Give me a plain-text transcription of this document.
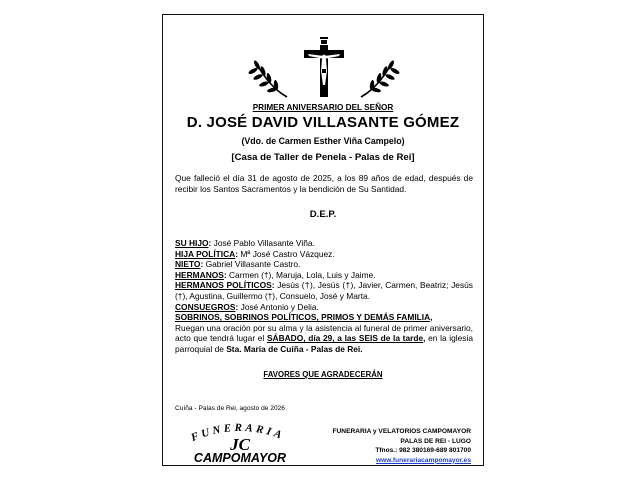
PRIMER ANIVERSARIO DEL SEÑOR
D. JOSÉ DAVID VILLASANTE GÓMEZ
(Vdo. de Carmen Esther Viña Campelo)
[Casa de Taller de Penela - Palas de Rei]
Que falleció el día 31 de agosto de 2025, a los 89 años de edad, después de recibir los Santos Sacramentos y la bendición de Su Santidad.
D.E.P.

SU HIJO: José Pablo Villasante Viña.

HIJA POLÍTICA: Mª José Castro Vázquez.

NIETO: Gabriel Villasante Castro.

HERMANOS: Carmen (†), Maruja, Lola, Luis y Jaime.

HERMANOS POLÍTICOS: Jesús (†), Jesús (†), Javier, Carmen, Beatriz; Jesús (†), Agustina, Guillermo (†), Consuelo, José y Marta.

CONSUEGROS: José Antonio y Delia.

SOBRINOS, SOBRINOS POLÍTICOS, PRIMOS Y DEMÁS FAMILIA,

Ruegan una oración por su alma y la asistencia al funeral de primer aniversario, acto que tendrá lugar el SÁBADO, día 29, a las SEIS de la tarde, en la iglesia parroquial de Sta. María de Cuíña - Palas de Rei.

FAVORES QUE AGRADECERÁN
Cuíña - Palas de Rei, agosto de 2026
FUNERARIA
JC
CAMPOMAYOR
FUNERARIA y VELATORIOS CAMPOMAYOR
PALAS DE REI - LUGO
Tfnos.: 982 380169-689 801700
www.funerariacampomayor.es
